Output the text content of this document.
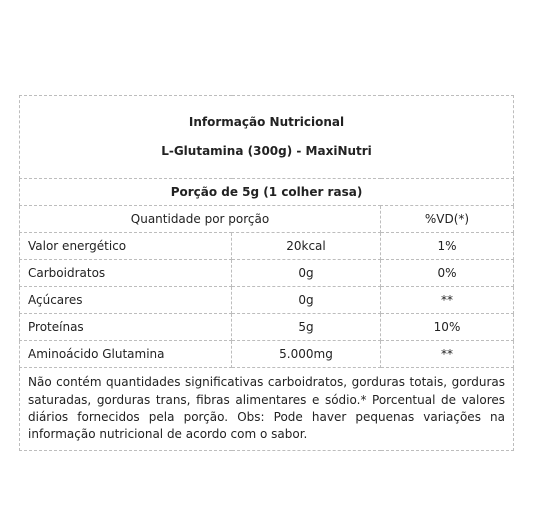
Informação Nutricional
L-Glutamina (300g) - MaxiNutri		

Porção de 5g (1 colher rasa)		
Quantidade por porção		%VD(*)
Valor energético	20kcal	1%
Carboidratos	0g	0%
Açúcares	0g	**
Proteínas	5g	10%
Aminoácido Glutamina	5.000mg	**
Não contém quantidades significativas carboidratos, gorduras totais, gorduras saturadas, gorduras trans, fibras alimentares e sódio.* Porcentual de valores diários fornecidos pela porção. Obs: Pode haver pequenas variações na informação nutricional de acordo com o sabor.		
